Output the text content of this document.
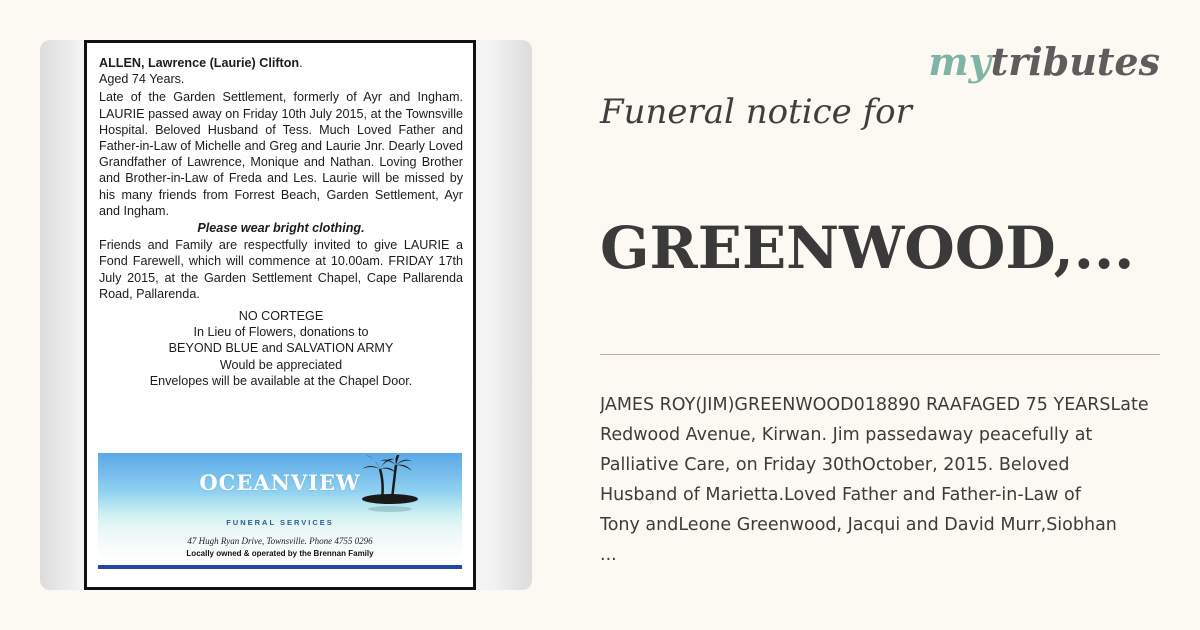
ALLEN, Lawrence (Laurie) Clifton.
Aged 74 Years.
Late of the Garden Settlement, formerly of Ayr and Ingham. LAURIE passed away on Friday 10th July 2015, at the Townsville Hospital. Beloved Husband of Tess. Much Loved Father and Father-in-Law of Michelle and Greg and Laurie Jnr. Dearly Loved Grandfather of Lawrence, Monique and Nathan. Loving Brother and Brother-in-Law of Freda and Les. Laurie will be missed by his many friends from Forrest Beach, Garden Settlement, Ayr and Ingham.
Please wear bright clothing.
Friends and Family are respectfully invited to give LAURIE a Fond Farewell, which will commence at 10.00am. FRIDAY 17th July 2015, at the Garden Settlement Chapel, Cape Pallarenda Road, Pallarenda.
NO CORTEGE
In Lieu of Flowers, donations to
BEYOND BLUE and SALVATION ARMY
Would be appreciated
Envelopes will be available at the Chapel Door.
OCEANVIEW
FUNERAL SERVICES
47 Hugh Ryan Drive, Townsville. Phone 4755 0296
Locally owned & operated by the Brennan Family
mytributes
Funeral notice for
GREENWOOD,...
JAMES ROY(JIM)GREENWOOD018890 RAAFAGED 75 YEARSLate
Redwood Avenue, Kirwan. Jim passedaway peacefully at
Palliative Care, on Friday 30thOctober, 2015. Beloved
Husband of Marietta.Loved Father and Father-in-Law of
Tony andLeone Greenwood, Jacqui and David Murr,Siobhan
...
